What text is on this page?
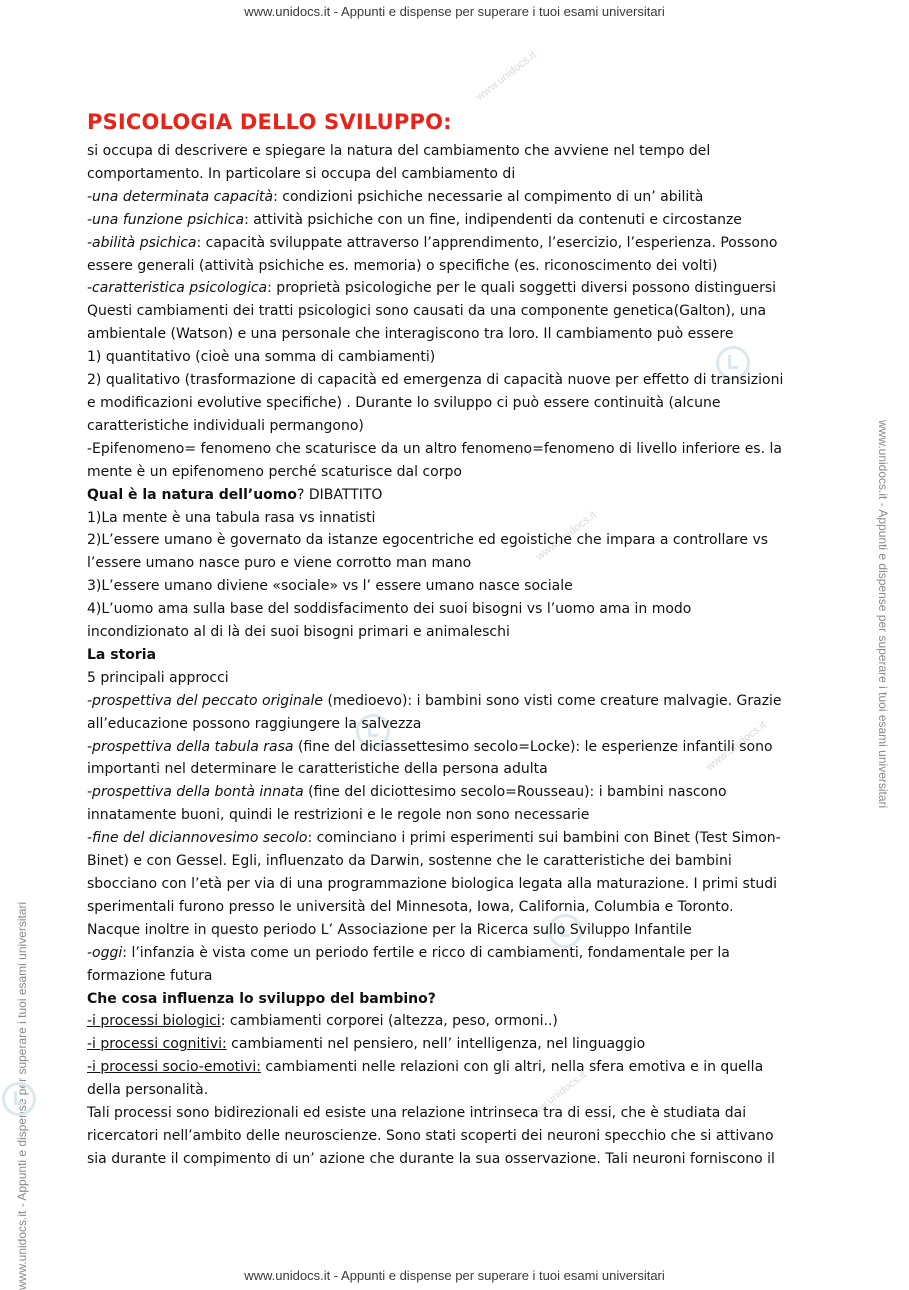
www.unidocs.it - Appunti e dispense per superare i tuoi esami universitari
www.unidocs.it - Appunti e dispense per superare i tuoi esami universitari
www.unidocs.it - Appunti e dispense per superare i tuoi esami universitari
www.unidocs.it
www.unidocs.it
www.unidocs.it
www.unidocs.it
PSICOLOGIA DELLO SVILUPPO:
si occupa di descrivere e spiegare la natura del cambiamento che avviene nel tempo del
comportamento. In particolare si occupa del cambiamento di
-una determinata capacità: condizioni psichiche necessarie al compimento di un’ abilità
-una funzione psichica: attività psichiche con un fine, indipendenti da contenuti e circostanze
-abilità psichica: capacità sviluppate attraverso l’apprendimento, l’esercizio, l’esperienza. Possono
essere generali (attività psichiche es. memoria) o specifiche (es. riconoscimento dei volti)
-caratteristica psicologica: proprietà psicologiche per le quali soggetti diversi possono distinguersi
Questi cambiamenti dei tratti psicologici sono causati da una componente genetica(Galton), una
ambientale (Watson) e una personale che interagiscono tra loro. Il cambiamento può essere
1) quantitativo (cioè una somma di cambiamenti)
2) qualitativo (trasformazione di capacità ed emergenza di capacità nuove per effetto di transizioni
e modificazioni evolutive specifiche) . Durante lo sviluppo ci può essere continuità (alcune
caratteristiche individuali permangono)
-Epifenomeno= fenomeno che scaturisce da un altro fenomeno=fenomeno di livello inferiore es. la
mente è un epifenomeno perché scaturisce dal corpo
Qual è la natura dell’uomo? DIBATTITO
1)La mente è una tabula rasa vs innatisti
2)L’essere umano è governato da istanze egocentriche ed egoistiche che impara a controllare vs
l’essere umano nasce puro e viene corrotto man mano
3)L’essere umano diviene «sociale» vs l’ essere umano nasce sociale
4)L’uomo ama sulla base del soddisfacimento dei suoi bisogni vs l’uomo ama in modo
incondizionato al di là dei suoi bisogni primari e animaleschi
La storia
5 principali approcci
-prospettiva del peccato originale (medioevo): i bambini sono visti come creature malvagie. Grazie
all’educazione possono raggiungere la salvezza
-prospettiva della tabula rasa (fine del diciassettesimo secolo=Locke): le esperienze infantili sono
importanti nel determinare le caratteristiche della persona adulta
-prospettiva della bontà innata (fine del diciottesimo secolo=Rousseau): i bambini nascono
innatamente buoni, quindi le restrizioni e le regole non sono necessarie
-fine del diciannovesimo secolo: cominciano i primi esperimenti sui bambini con Binet (Test Simon-
Binet) e con Gessel. Egli, influenzato da Darwin, sostenne che le caratteristiche dei bambini
sbocciano con l’età per via di una programmazione biologica legata alla maturazione. I primi studi
sperimentali furono presso le università del Minnesota, Iowa, California, Columbia e Toronto.
Nacque inoltre in questo periodo L’ Associazione per la Ricerca sullo Sviluppo Infantile
-oggi: l’infanzia è vista come un periodo fertile e ricco di cambiamenti, fondamentale per la
formazione futura
Che cosa influenza lo sviluppo del bambino?
-i processi biologici: cambiamenti corporei (altezza, peso, ormoni..)
-i processi cognitivi: cambiamenti nel pensiero, nell’ intelligenza, nel linguaggio
-i processi socio-emotivi: cambiamenti nelle relazioni con gli altri, nella sfera emotiva e in quella
della personalità.
Tali processi sono bidirezionali ed esiste una relazione intrinseca tra di essi, che è studiata dai
ricercatori nell’ambito delle neuroscienze. Sono stati scoperti dei neuroni specchio che si attivano
sia durante il compimento di un’ azione che durante la sua osservazione. Tali neuroni forniscono il
www.unidocs.it - Appunti e dispense per superare i tuoi esami universitari
